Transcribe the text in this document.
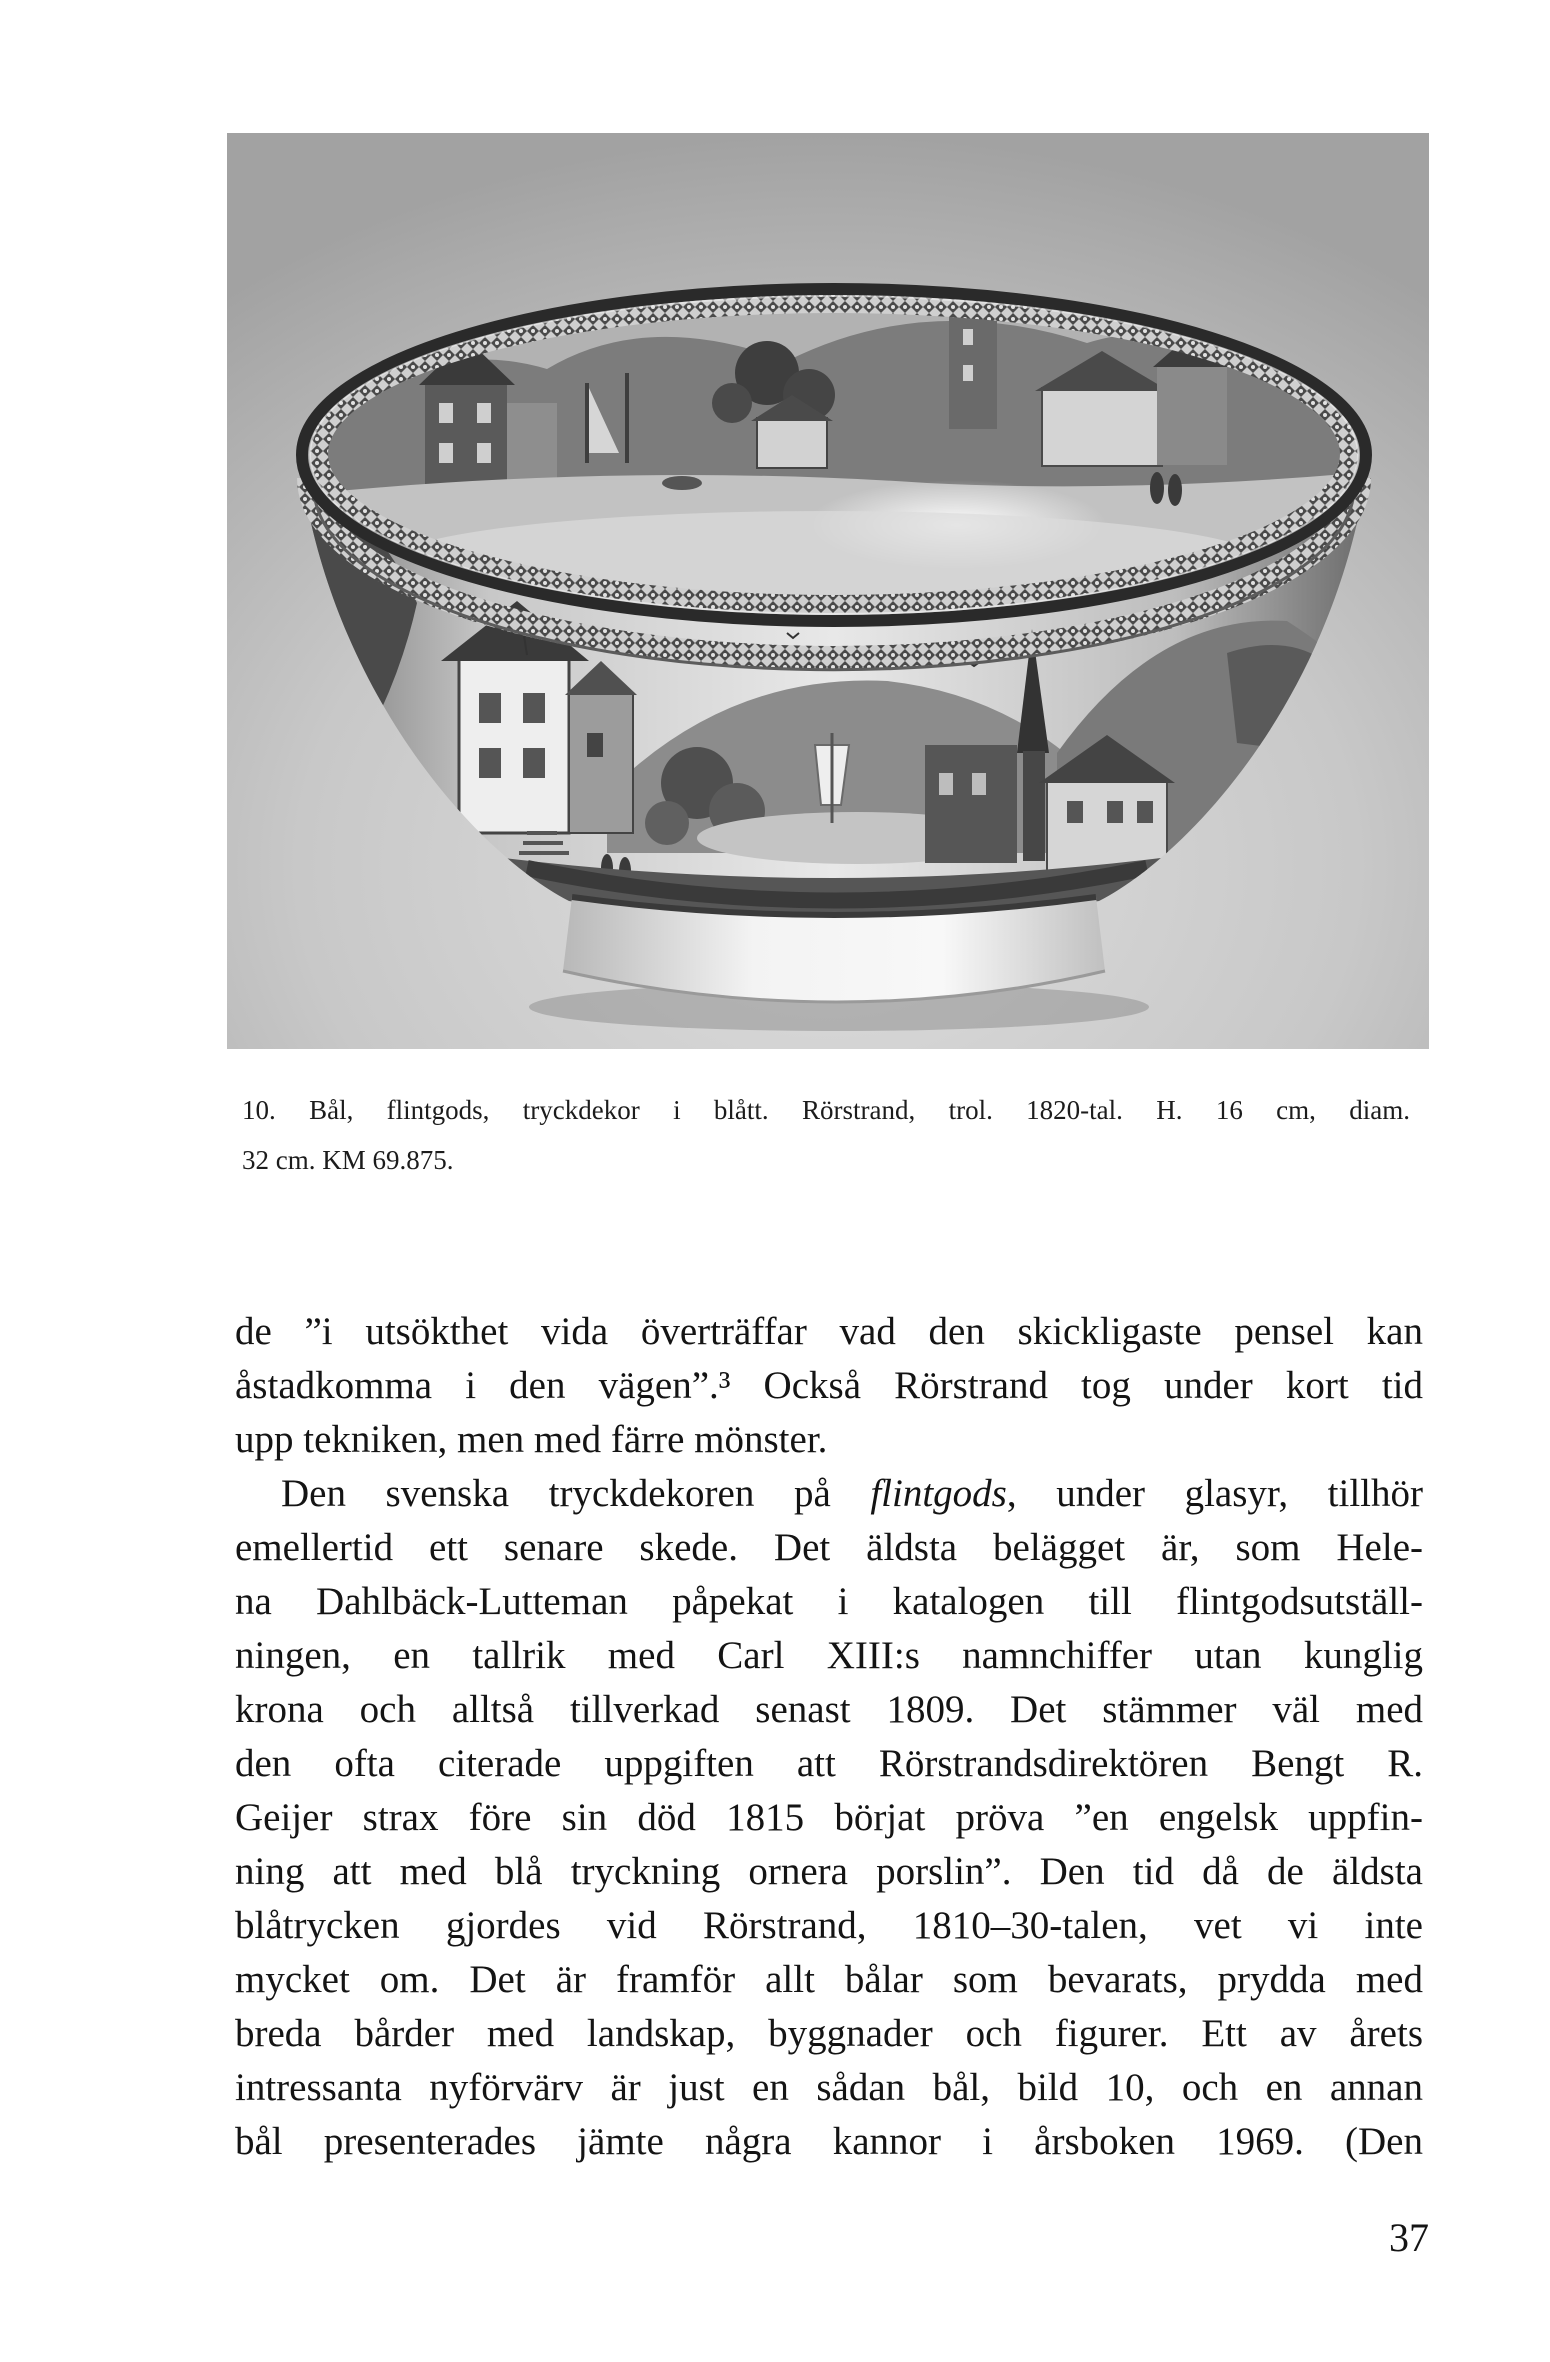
10. Bål, flintgods, tryckdekor i blått. Rörstrand, trol. 1820-tal. H. 16 cm, diam.
32 cm. KM 69.875.
de ”i utsökthet vida överträffar vad den skickligaste pensel kan
åstadkomma i den vägen”.³ Också Rörstrand tog under kort tid
upp tekniken, men med färre mönster.
Den svenska tryckdekoren på flintgods, under glasyr, tillhör
emellertid ett senare skede. Det äldsta belägget är, som Hele-
na Dahlbäck-Lutteman påpekat i katalogen till flintgodsutställ-
ningen, en tallrik med Carl XIII:s namnchiffer utan kunglig
krona och alltså tillverkad senast 1809. Det stämmer väl med
den ofta citerade uppgiften att Rörstrandsdirektören Bengt R.
Geijer strax före sin död 1815 börjat pröva ”en engelsk uppfin-
ning att med blå tryckning ornera porslin”. Den tid då de äldsta
blåtrycken gjordes vid Rörstrand, 1810–30-talen, vet vi inte
mycket om. Det är framför allt bålar som bevarats, prydda med
breda bårder med landskap, byggnader och figurer. Ett av årets
intressanta nyförvärv är just en sådan bål, bild 10, och en annan
bål presenterades jämte några kannor i årsboken 1969. (Den
37
